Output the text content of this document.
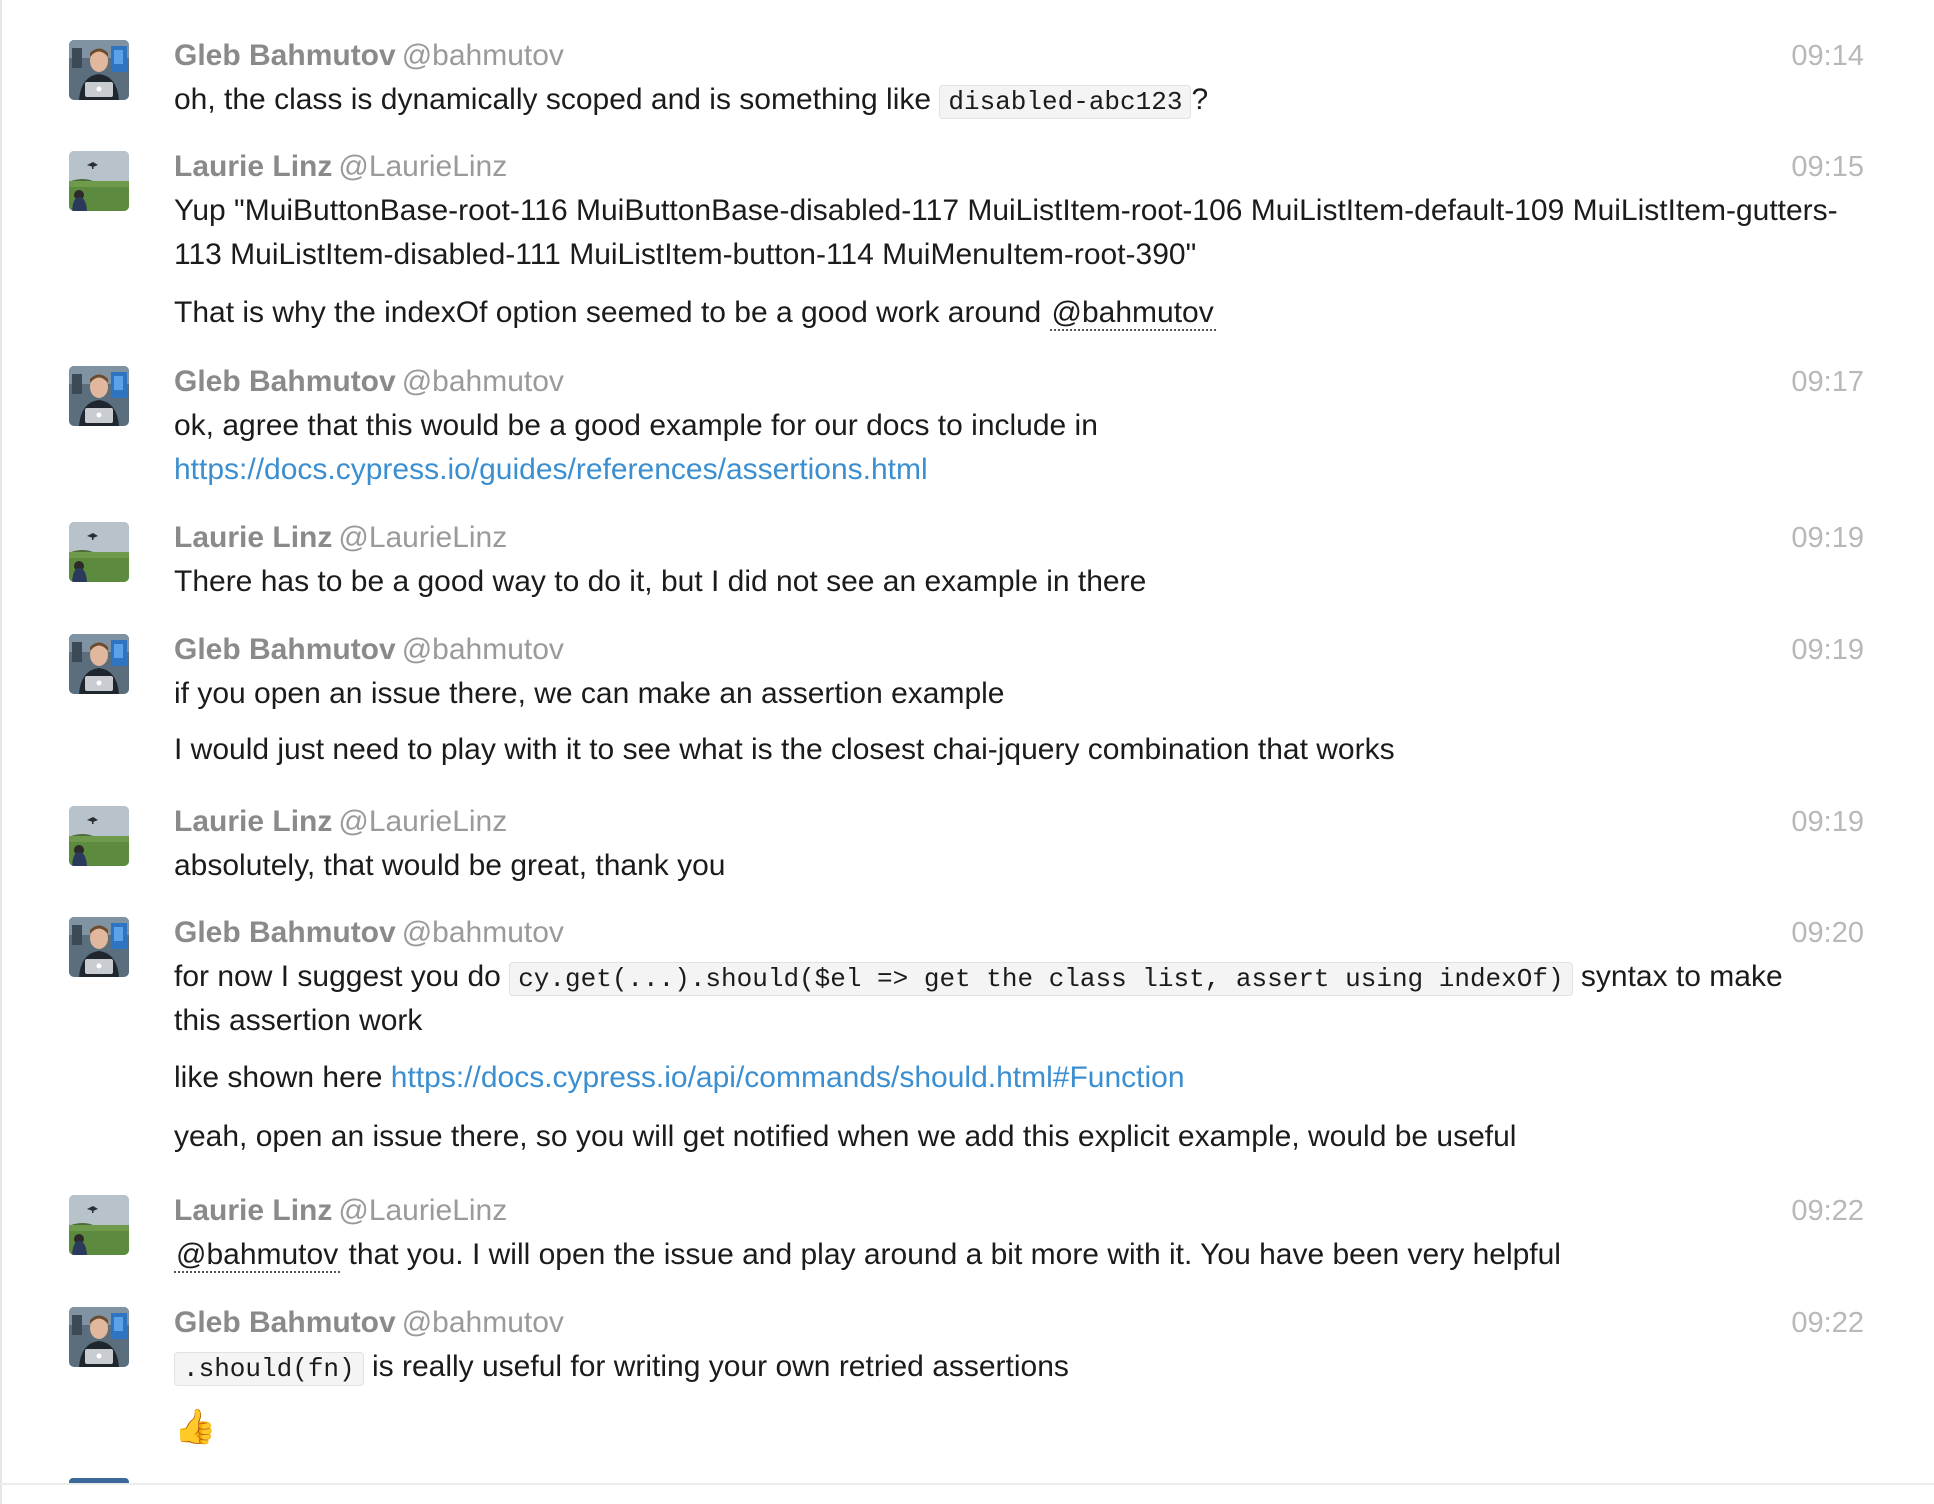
Gleb Bahmutov @bahmutov	09:14
oh, the class is dynamically scoped and is something like disabled-abc123 ?
Laurie Linz @LaurieLinz	09:15
Yup "MuiButtonBase-root-116 MuiButtonBase-disabled-117 MuiListItem-root-106 MuiListItem-default-109 MuiListItem-gutters-113 MuiListItem-disabled-111 MuiListItem-button-114 MuiMenuItem-root-390"
That is why the indexOf option seemed to be a good work around @bahmutov
Gleb Bahmutov @bahmutov	09:17
ok, agree that this would be a good example for our docs to include in
https://docs.cypress.io/guides/references/assertions.html
Laurie Linz @LaurieLinz	09:19
There has to be a good way to do it, but I did not see an example in there
Gleb Bahmutov @bahmutov	09:19
if you open an issue there, we can make an assertion example
I would just need to play with it to see what is the closest chai-jquery combination that works
Laurie Linz @LaurieLinz	09:19
absolutely, that would be great, thank you
Gleb Bahmutov @bahmutov	09:20
for now I suggest you do cy.get(...).should($el => get the class list, assert using indexOf) syntax to make
this assertion work
like shown here https://docs.cypress.io/api/commands/should.html#Function
yeah, open an issue there, so you will get notified when we add this explicit example, would be useful
Laurie Linz @LaurieLinz	09:22
@bahmutov that you. I will open the issue and play around a bit more with it. You have been very helpful
Gleb Bahmutov @bahmutov	09:22
.should(fn) is really useful for writing your own retried assertions
👍
